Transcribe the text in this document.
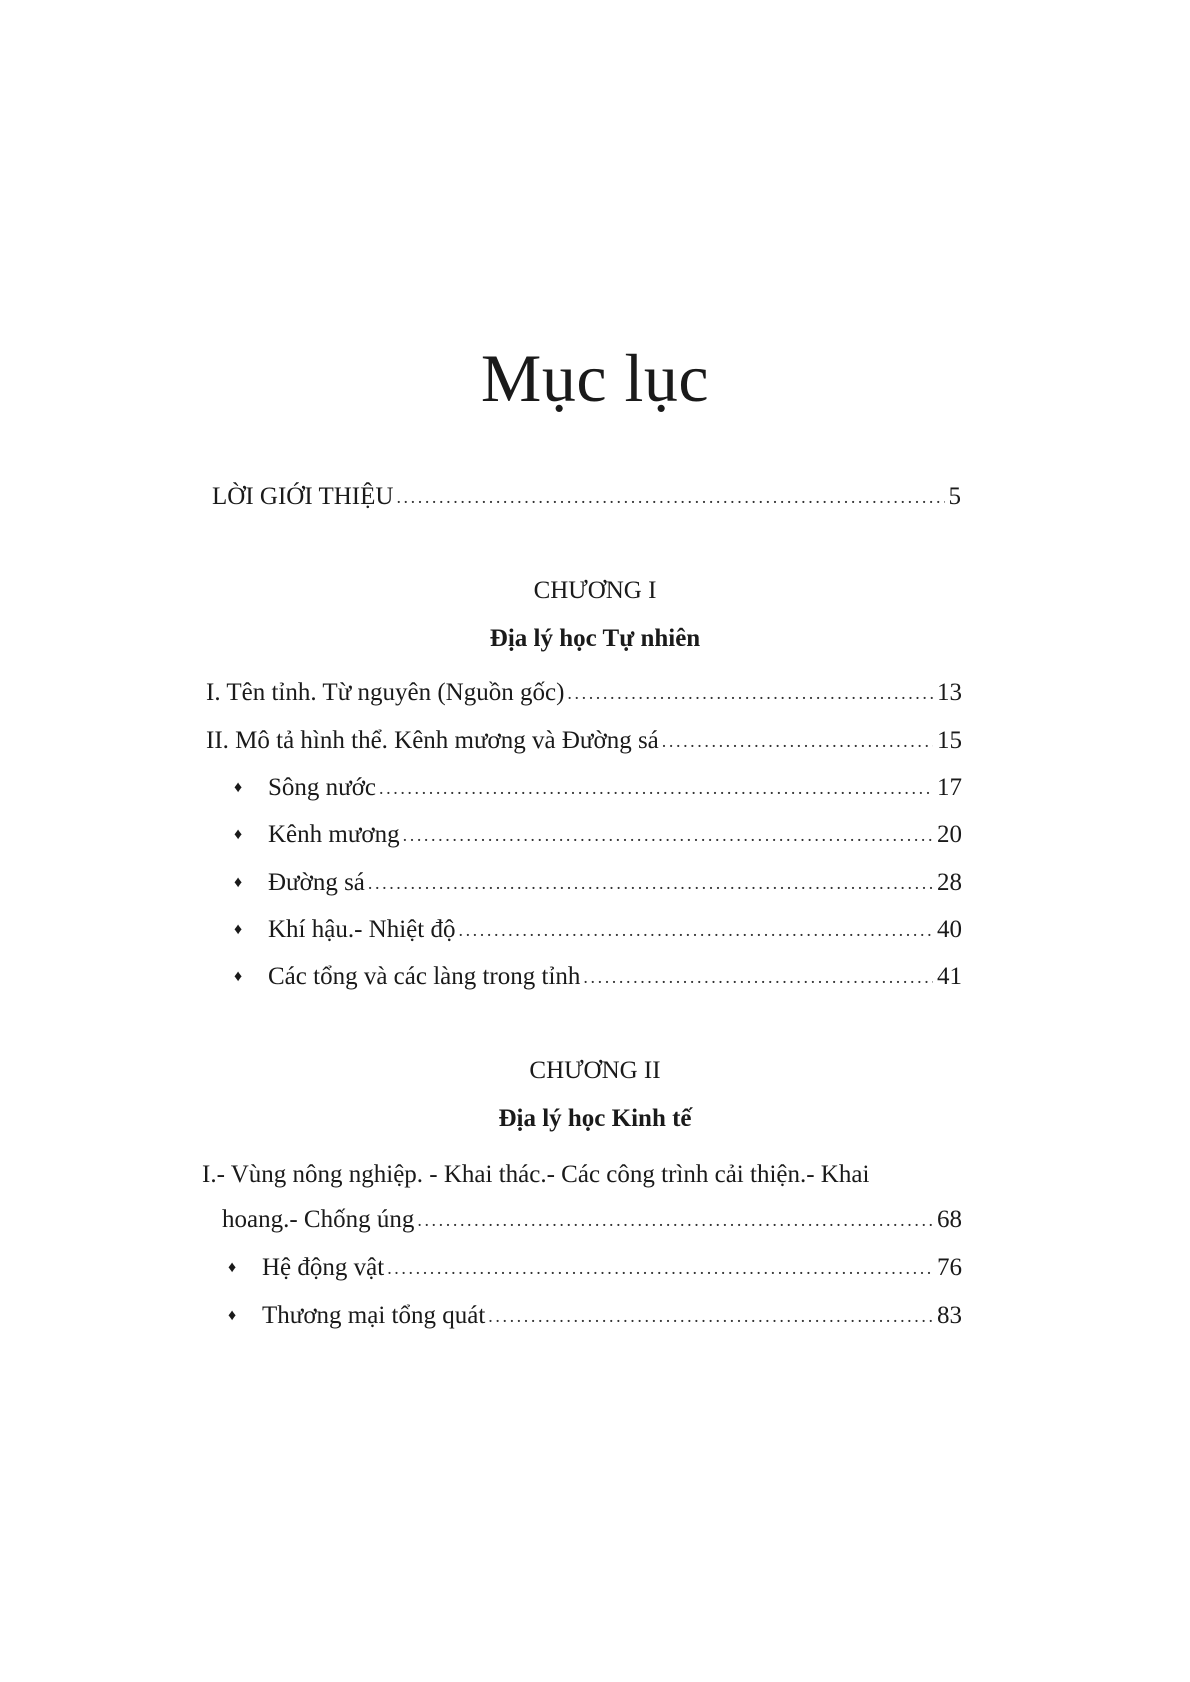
Mục lục
LỜI GIỚI THIỆU .....	5
CHƯƠNG I
Địa lý học Tự nhiên
I. Tên tỉnh. Từ nguyên (Nguồn gốc) .....	13
II. Mô tả hình thể. Kênh mương và Đường sá .....	15
♦ Sông nước .....	17
♦ Kênh mương .....	20
♦ Đường sá .....	28
♦ Khí hậu.- Nhiệt độ .....	40
♦ Các tổng và các làng trong tỉnh .....	41
CHƯƠNG II
Địa lý học Kinh tế
I.- Vùng nông nghiệp. - Khai thác.- Các công trình cải thiện.- Khai
hoang.- Chống úng .....	68
♦ Hệ động vật .....	76
♦ Thương mại tổng quát .....	83
